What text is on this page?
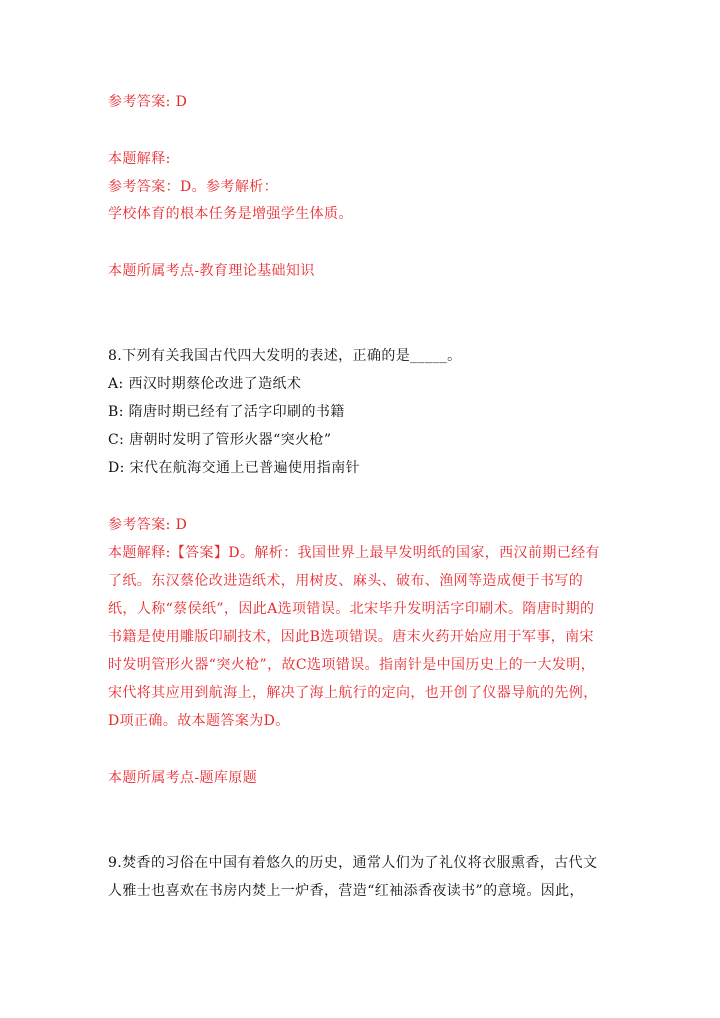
参考答案: D
本题解释:
参考答案：D。参考解析：
学校体育的根本任务是增强学生体质。
本题所属考点-教育理论基础知识
8.下列有关我国古代四大发明的表述，正确的是_____。
A: 西汉时期蔡伦改进了造纸术
B: 隋唐时期已经有了活字印刷的书籍
C: 唐朝时发明了管形火器“突火枪”
D: 宋代在航海交通上已普遍使用指南针
参考答案: D
本题解释:【答案】D。解析：我国世界上最早发明纸的国家，西汉前期已经有
了纸。东汉蔡伦改进造纸术，用树皮、麻头、破布、渔网等造成便于书写的
纸，人称“蔡侯纸”，因此A选项错误。北宋毕升发明活字印刷术。隋唐时期的
书籍是使用雕版印刷技术，因此B选项错误。唐末火药开始应用于军事，南宋
时发明管形火器“突火枪”，故C选项错误。指南针是中国历史上的一大发明，
宋代将其应用到航海上，解决了海上航行的定向，也开创了仪器导航的先例，
D项正确。故本题答案为D。
本题所属考点-题库原题
9.焚香的习俗在中国有着悠久的历史，通常人们为了礼仪将衣服熏香，古代文
人雅士也喜欢在书房内焚上一炉香，营造“红袖添香夜读书”的意境。因此，
